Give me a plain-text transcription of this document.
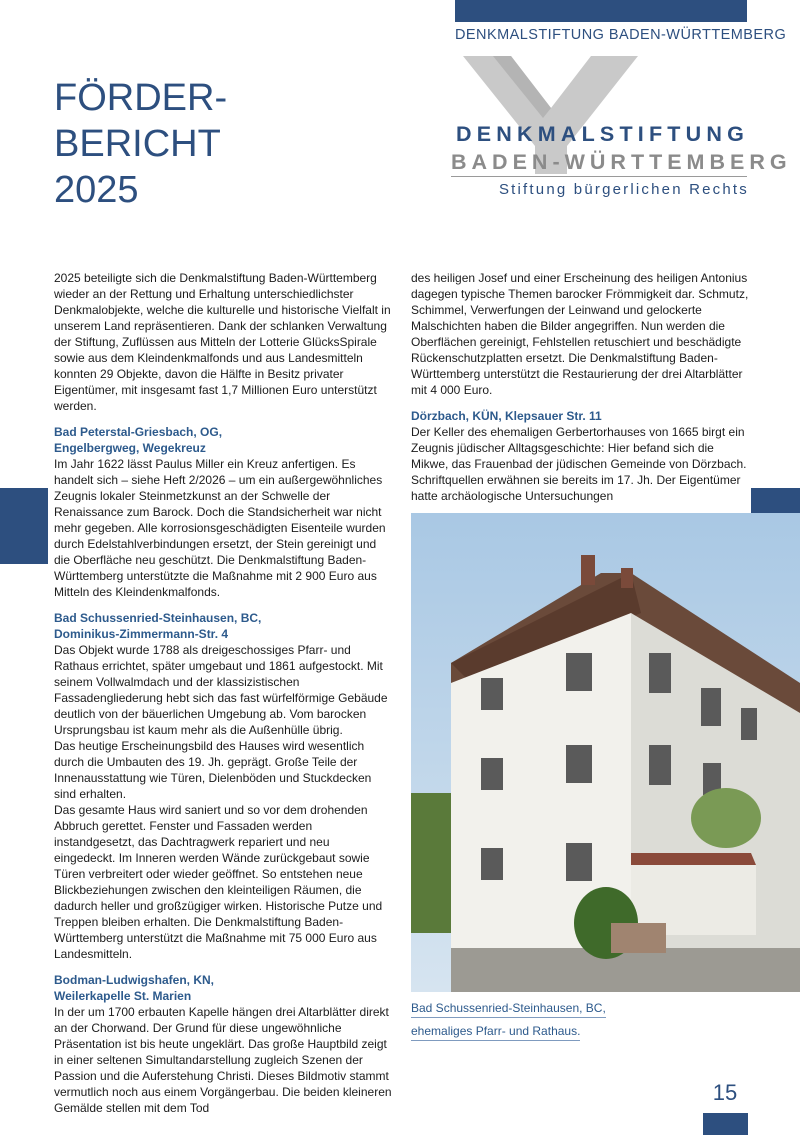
DENKMALSTIFTUNG BADEN-WÜRTTEMBERG
FÖRDER-
BERICHT
2025
DENKMALSTIFTUNG
BADEN-WÜRTTEMBERG
Stiftung bürgerlichen Rechts

2025 beteiligte sich die Denkmalstiftung Baden-Württemberg wieder an der Rettung und Erhaltung unterschiedlichster Denkmalobjekte, welche die kulturelle und historische Vielfalt in unserem Land repräsentieren. Dank der schlanken Verwaltung der Stiftung, Zuflüssen aus Mitteln der Lotterie GlücksSpirale sowie aus dem Kleindenkmalfonds und aus Landesmitteln konnten 29 Objekte, davon die Hälfte in Besitz privater Eigentümer, mit insgesamt fast 1,7 Millionen Euro unterstützt werden.

Bad Peterstal-Griesbach, OG,
Engelbergweg, Wegekreuz

Im Jahr 1622 lässt Paulus Miller ein Kreuz anfertigen. Es handelt sich – siehe Heft 2/2026 – um ein außergewöhnliches Zeugnis lokaler Steinmetzkunst an der Schwelle der Renaissance zum Barock. Doch die Standsicherheit war nicht mehr gegeben. Alle korrosionsgeschädigten Eisenteile wurden durch Edelstahlverbindungen ersetzt, der Stein gereinigt und die Oberfläche neu geschützt. Die Denkmalstiftung Baden-Württemberg unterstützte die Maßnahme mit 2 900 Euro aus Mitteln des Kleindenkmalfonds.

Bad Schussenried-Steinhausen, BC,
Dominikus-Zimmermann-Str. 4

Das Objekt wurde 1788 als dreigeschossiges Pfarr- und Rathaus errichtet, später umgebaut und 1861 aufgestockt. Mit seinem Vollwalmdach und der klassizistischen Fassadengliederung hebt sich das fast würfelförmige Gebäude deutlich von der bäuerlichen Umgebung ab. Vom barocken Ursprungsbau ist kaum mehr als die Außenhülle übrig.

Das heutige Erscheinungsbild des Hauses wird wesentlich durch die Umbauten des 19. Jh. geprägt. Große Teile der Innenausstattung wie Türen, Dielenböden und Stuckdecken sind erhalten.

Das gesamte Haus wird saniert und so vor dem drohenden Abbruch gerettet. Fenster und Fassaden werden instandgesetzt, das Dachtragwerk repariert und neu eingedeckt. Im Inneren werden Wände zurückgebaut sowie Türen verbreitert oder wieder geöffnet. So entstehen neue Blickbeziehungen zwischen den kleinteiligen Räumen, die dadurch heller und großzügiger wirken. Historische Putze und Treppen bleiben erhalten. Die Denkmalstiftung Baden-Württemberg unterstützt die Maßnahme mit 75 000 Euro aus Landesmitteln.

Bodman-Ludwigshafen, KN,
Weilerkapelle St. Marien

In der um 1700 erbauten Kapelle hängen drei Altarblätter direkt an der Chorwand. Der Grund für diese ungewöhnliche Präsentation ist bis heute ungeklärt. Das große Hauptbild zeigt in einer seltenen Simultandarstellung zugleich Szenen der Passion und die Auferstehung Christi. Dieses Bildmotiv stammt vermutlich noch aus einem Vorgängerbau. Die beiden kleineren Gemälde stellen mit dem Tod

des heiligen Josef und einer Erscheinung des heiligen Antonius dagegen typische Themen barocker Frömmigkeit dar. Schmutz, Schimmel, Verwerfungen der Leinwand und gelockerte Malschichten haben die Bilder angegriffen. Nun werden die Oberflächen gereinigt, Fehlstellen retuschiert und beschädigte Rückenschutzplatten ersetzt. Die Denkmalstiftung Baden-Württemberg unterstützt die Restaurierung der drei Altarblätter mit 4 000 Euro.

Dörzbach, KÜN, Klepsauer Str. 11

Der Keller des ehemaligen Gerbertorhauses von 1665 birgt ein Zeugnis jüdischer Alltagsgeschichte: Hier befand sich die Mikwe, das Frauenbad der jüdischen Gemeinde von Dörzbach. Schriftquellen erwähnen sie bereits im 17. Jh. Der Eigentümer hatte archäologische Untersuchungen

Bad Schussenried-Steinhausen, BC,
ehemaliges Pfarr- und Rathaus.
15
